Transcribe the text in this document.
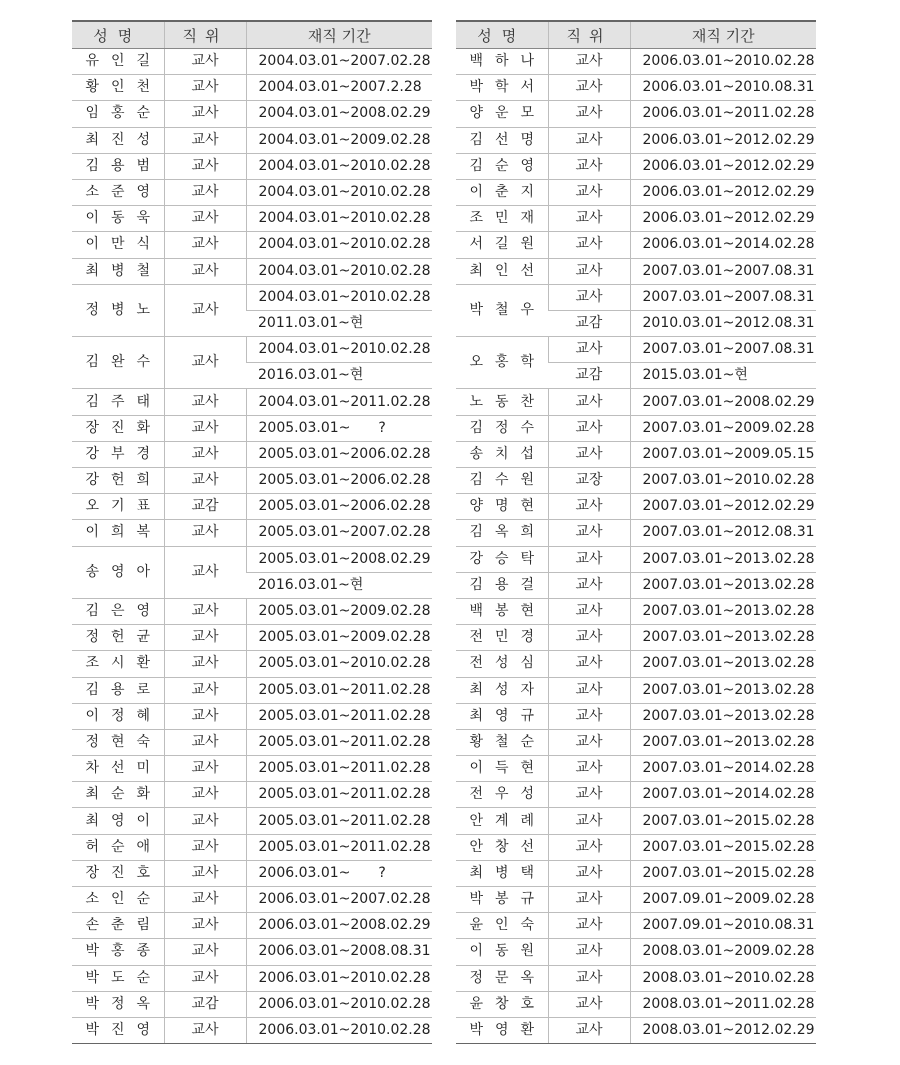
성명	직위	재직 기간
유인길	교사	2004.03.01~2007.02.28
황인천	교사	2004.03.01~2007.2.28
임홍순	교사	2004.03.01~2008.02.29
최진성	교사	2004.03.01~2009.02.28
김용범	교사	2004.03.01~2010.02.28
소준영	교사	2004.03.01~2010.02.28
이동욱	교사	2004.03.01~2010.02.28
이만식	교사	2004.03.01~2010.02.28
최병철	교사	2004.03.01~2010.02.28
정병노	교사	2004.03.01~2010.02.28
		2011.03.01~현
김완수	교사	2004.03.01~2010.02.28
		2016.03.01~현
김주태	교사	2004.03.01~2011.02.28
장진화	교사	2005.03.01~  ?
강부경	교사	2005.03.01~2006.02.28
강헌희	교사	2005.03.01~2006.02.28
오기표	교감	2005.03.01~2006.02.28
이희복	교사	2005.03.01~2007.02.28
송영아	교사	2005.03.01~2008.02.29
		2016.03.01~현
김은영	교사	2005.03.01~2009.02.28
정헌균	교사	2005.03.01~2009.02.28
조시환	교사	2005.03.01~2010.02.28
김용로	교사	2005.03.01~2011.02.28
이정혜	교사	2005.03.01~2011.02.28
정현숙	교사	2005.03.01~2011.02.28
차선미	교사	2005.03.01~2011.02.28
최순화	교사	2005.03.01~2011.02.28
최영이	교사	2005.03.01~2011.02.28
허순애	교사	2005.03.01~2011.02.28
장진호	교사	2006.03.01~  ?
소인순	교사	2006.03.01~2007.02.28
손춘림	교사	2006.03.01~2008.02.29
박홍종	교사	2006.03.01~2008.08.31
박도순	교사	2006.03.01~2010.02.28
박정옥	교감	2006.03.01~2010.02.28
박진영	교사	2006.03.01~2010.02.28
성명	직위	재직 기간
백하나	교사	2006.03.01~2010.02.28
박학서	교사	2006.03.01~2010.08.31
양운모	교사	2006.03.01~2011.02.28
김선명	교사	2006.03.01~2012.02.29
김순영	교사	2006.03.01~2012.02.29
이춘지	교사	2006.03.01~2012.02.29
조민재	교사	2006.03.01~2012.02.29
서길원	교사	2006.03.01~2014.02.28
최인선	교사	2007.03.01~2007.08.31
박철우	교사	2007.03.01~2007.08.31
	교감	2010.03.01~2012.08.31
오홍학	교사	2007.03.01~2007.08.31
	교감	2015.03.01~현
노동찬	교사	2007.03.01~2008.02.29
김정수	교사	2007.03.01~2009.02.28
송치섭	교사	2007.03.01~2009.05.15
김수원	교장	2007.03.01~2010.02.28
양명현	교사	2007.03.01~2012.02.29
김옥희	교사	2007.03.01~2012.08.31
강승탁	교사	2007.03.01~2013.02.28
김용걸	교사	2007.03.01~2013.02.28
백봉현	교사	2007.03.01~2013.02.28
전민경	교사	2007.03.01~2013.02.28
전성심	교사	2007.03.01~2013.02.28
최성자	교사	2007.03.01~2013.02.28
최영규	교사	2007.03.01~2013.02.28
황철순	교사	2007.03.01~2013.02.28
이득현	교사	2007.03.01~2014.02.28
전우성	교사	2007.03.01~2014.02.28
안계례	교사	2007.03.01~2015.02.28
안창선	교사	2007.03.01~2015.02.28
최병택	교사	2007.03.01~2015.02.28
박봉규	교사	2007.09.01~2009.02.28
윤인숙	교사	2007.09.01~2010.08.31
이동원	교사	2008.03.01~2009.02.28
정문옥	교사	2008.03.01~2010.02.28
윤창호	교사	2008.03.01~2011.02.28
박영환	교사	2008.03.01~2012.02.29
